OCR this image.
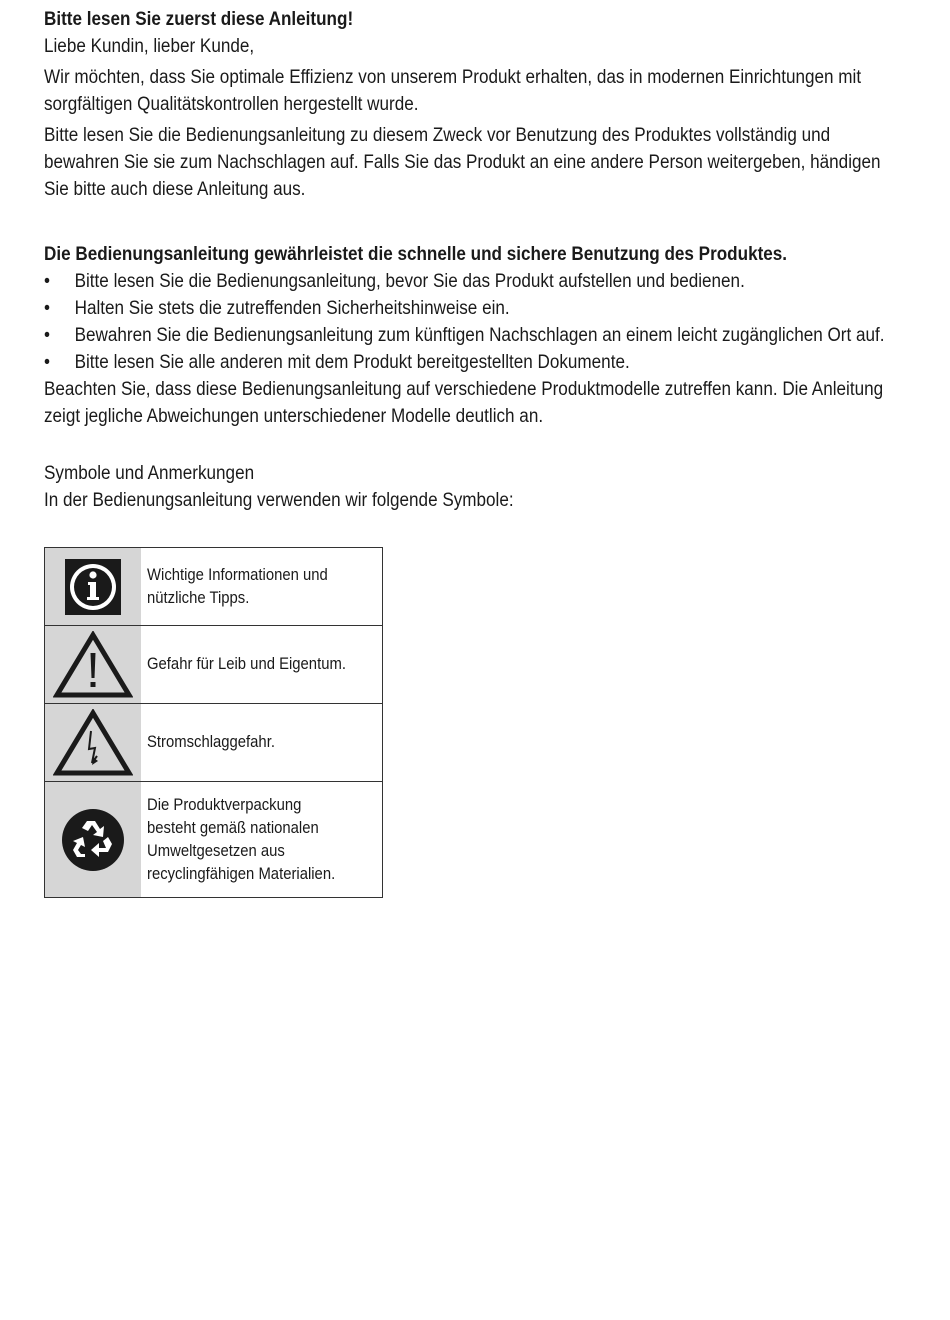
Bitte lesen Sie zuerst diese Anleitung!

Liebe Kundin, lieber Kunde,

Wir möchten, dass Sie optimale Effizienz von unserem Produkt erhalten, das in modernen Einrichtungen mit sorgfältigen Qualitätskontrollen hergestellt wurde.

Bitte lesen Sie die Bedienungsanleitung zu diesem Zweck vor Benutzung des Produktes vollständig und bewahren Sie sie zum Nachschlagen auf. Falls Sie das Produkt an eine andere Person weitergeben, händigen Sie bitte auch diese Anleitung aus.

Die Bedienungsanleitung gewährleistet die schnelle und sichere Benutzung des Produktes.

• Bitte lesen Sie die Bedienungsanleitung, bevor Sie das Produkt aufstellen und bedienen.
• Halten Sie stets die zutreffenden Sicherheitshinweise ein.
• Bewahren Sie die Bedienungsanleitung zum künftigen Nachschlagen an einem leicht zugänglichen Ort auf.
• Bitte lesen Sie alle anderen mit dem Produkt bereitgestellten Dokumente.

Beachten Sie, dass diese Bedienungsanleitung auf verschiedene Produktmodelle zutreffen kann. Die Anleitung zeigt jegliche Abweichungen unterschiedener Modelle deutlich an.

Symbole und Anmerkungen

In der Bedienungsanleitung verwenden wir folgende Symbole:

Wichtige Informationen und nützliche Tipps.
Gefahr für Leib und Eigentum.
Stromschlaggefahr.
Die Produktverpackung besteht gemäß nationalen Umweltgesetzen aus recyclingfähigen Materialien.
